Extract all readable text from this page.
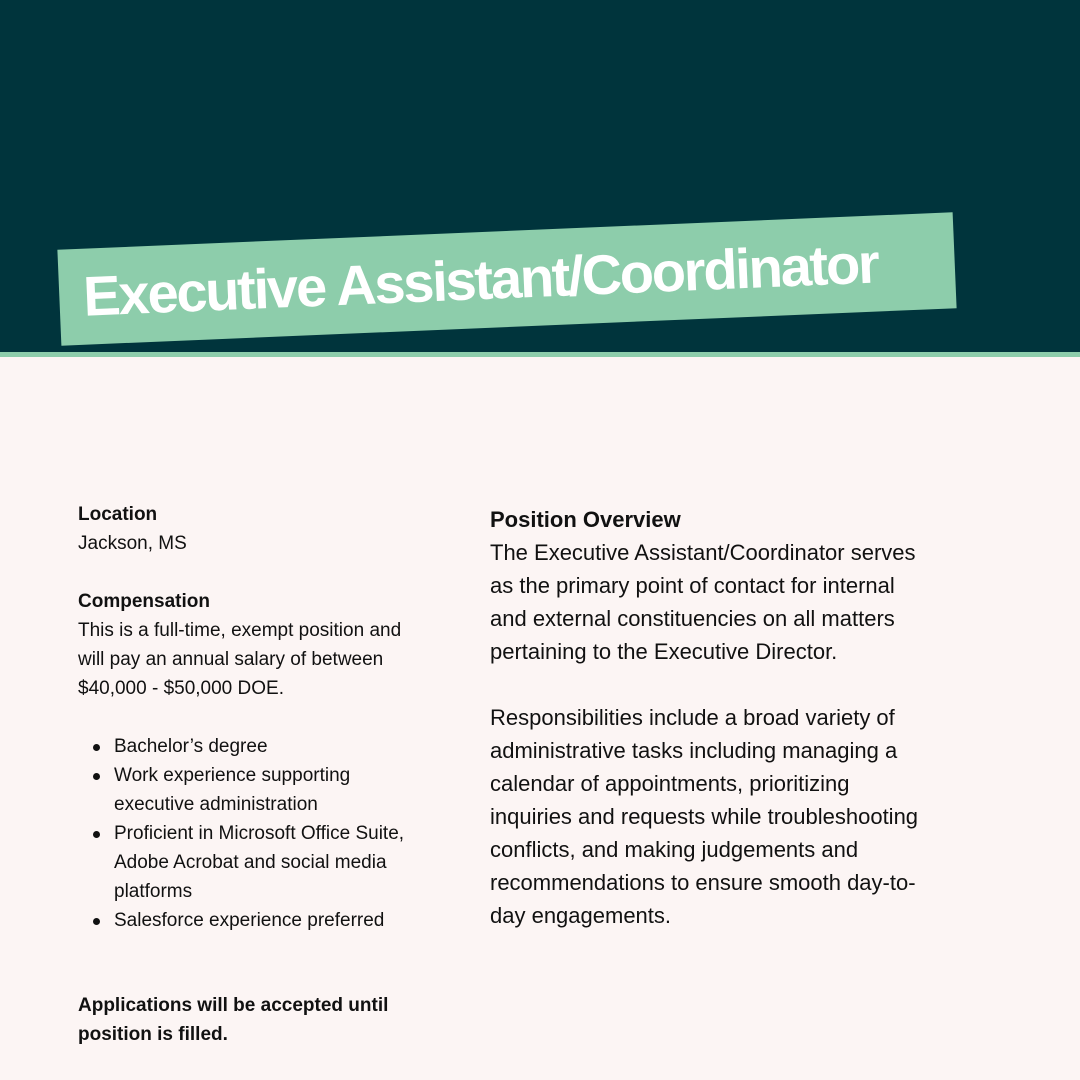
Executive Assistant/Coordinator
Location
Jackson, MS
Compensation
This is a full-time, exempt position and
will pay an annual salary of between
$40,000 - $50,000 DOE.
Bachelor’s degree
Work experience supporting
executive administration
Proficient in Microsoft Office Suite,
Adobe Acrobat and social media
platforms
Salesforce experience preferred
Applications will be accepted until
position is filled.
Position Overview
The Executive Assistant/Coordinator serves
as the primary point of contact for internal
and external constituencies on all matters
pertaining to the Executive Director.
Responsibilities include a broad variety of
administrative tasks including managing a
calendar of appointments, prioritizing
inquiries and requests while troubleshooting
conflicts, and making judgements and
recommendations to ensure smooth day-to-
day engagements.
